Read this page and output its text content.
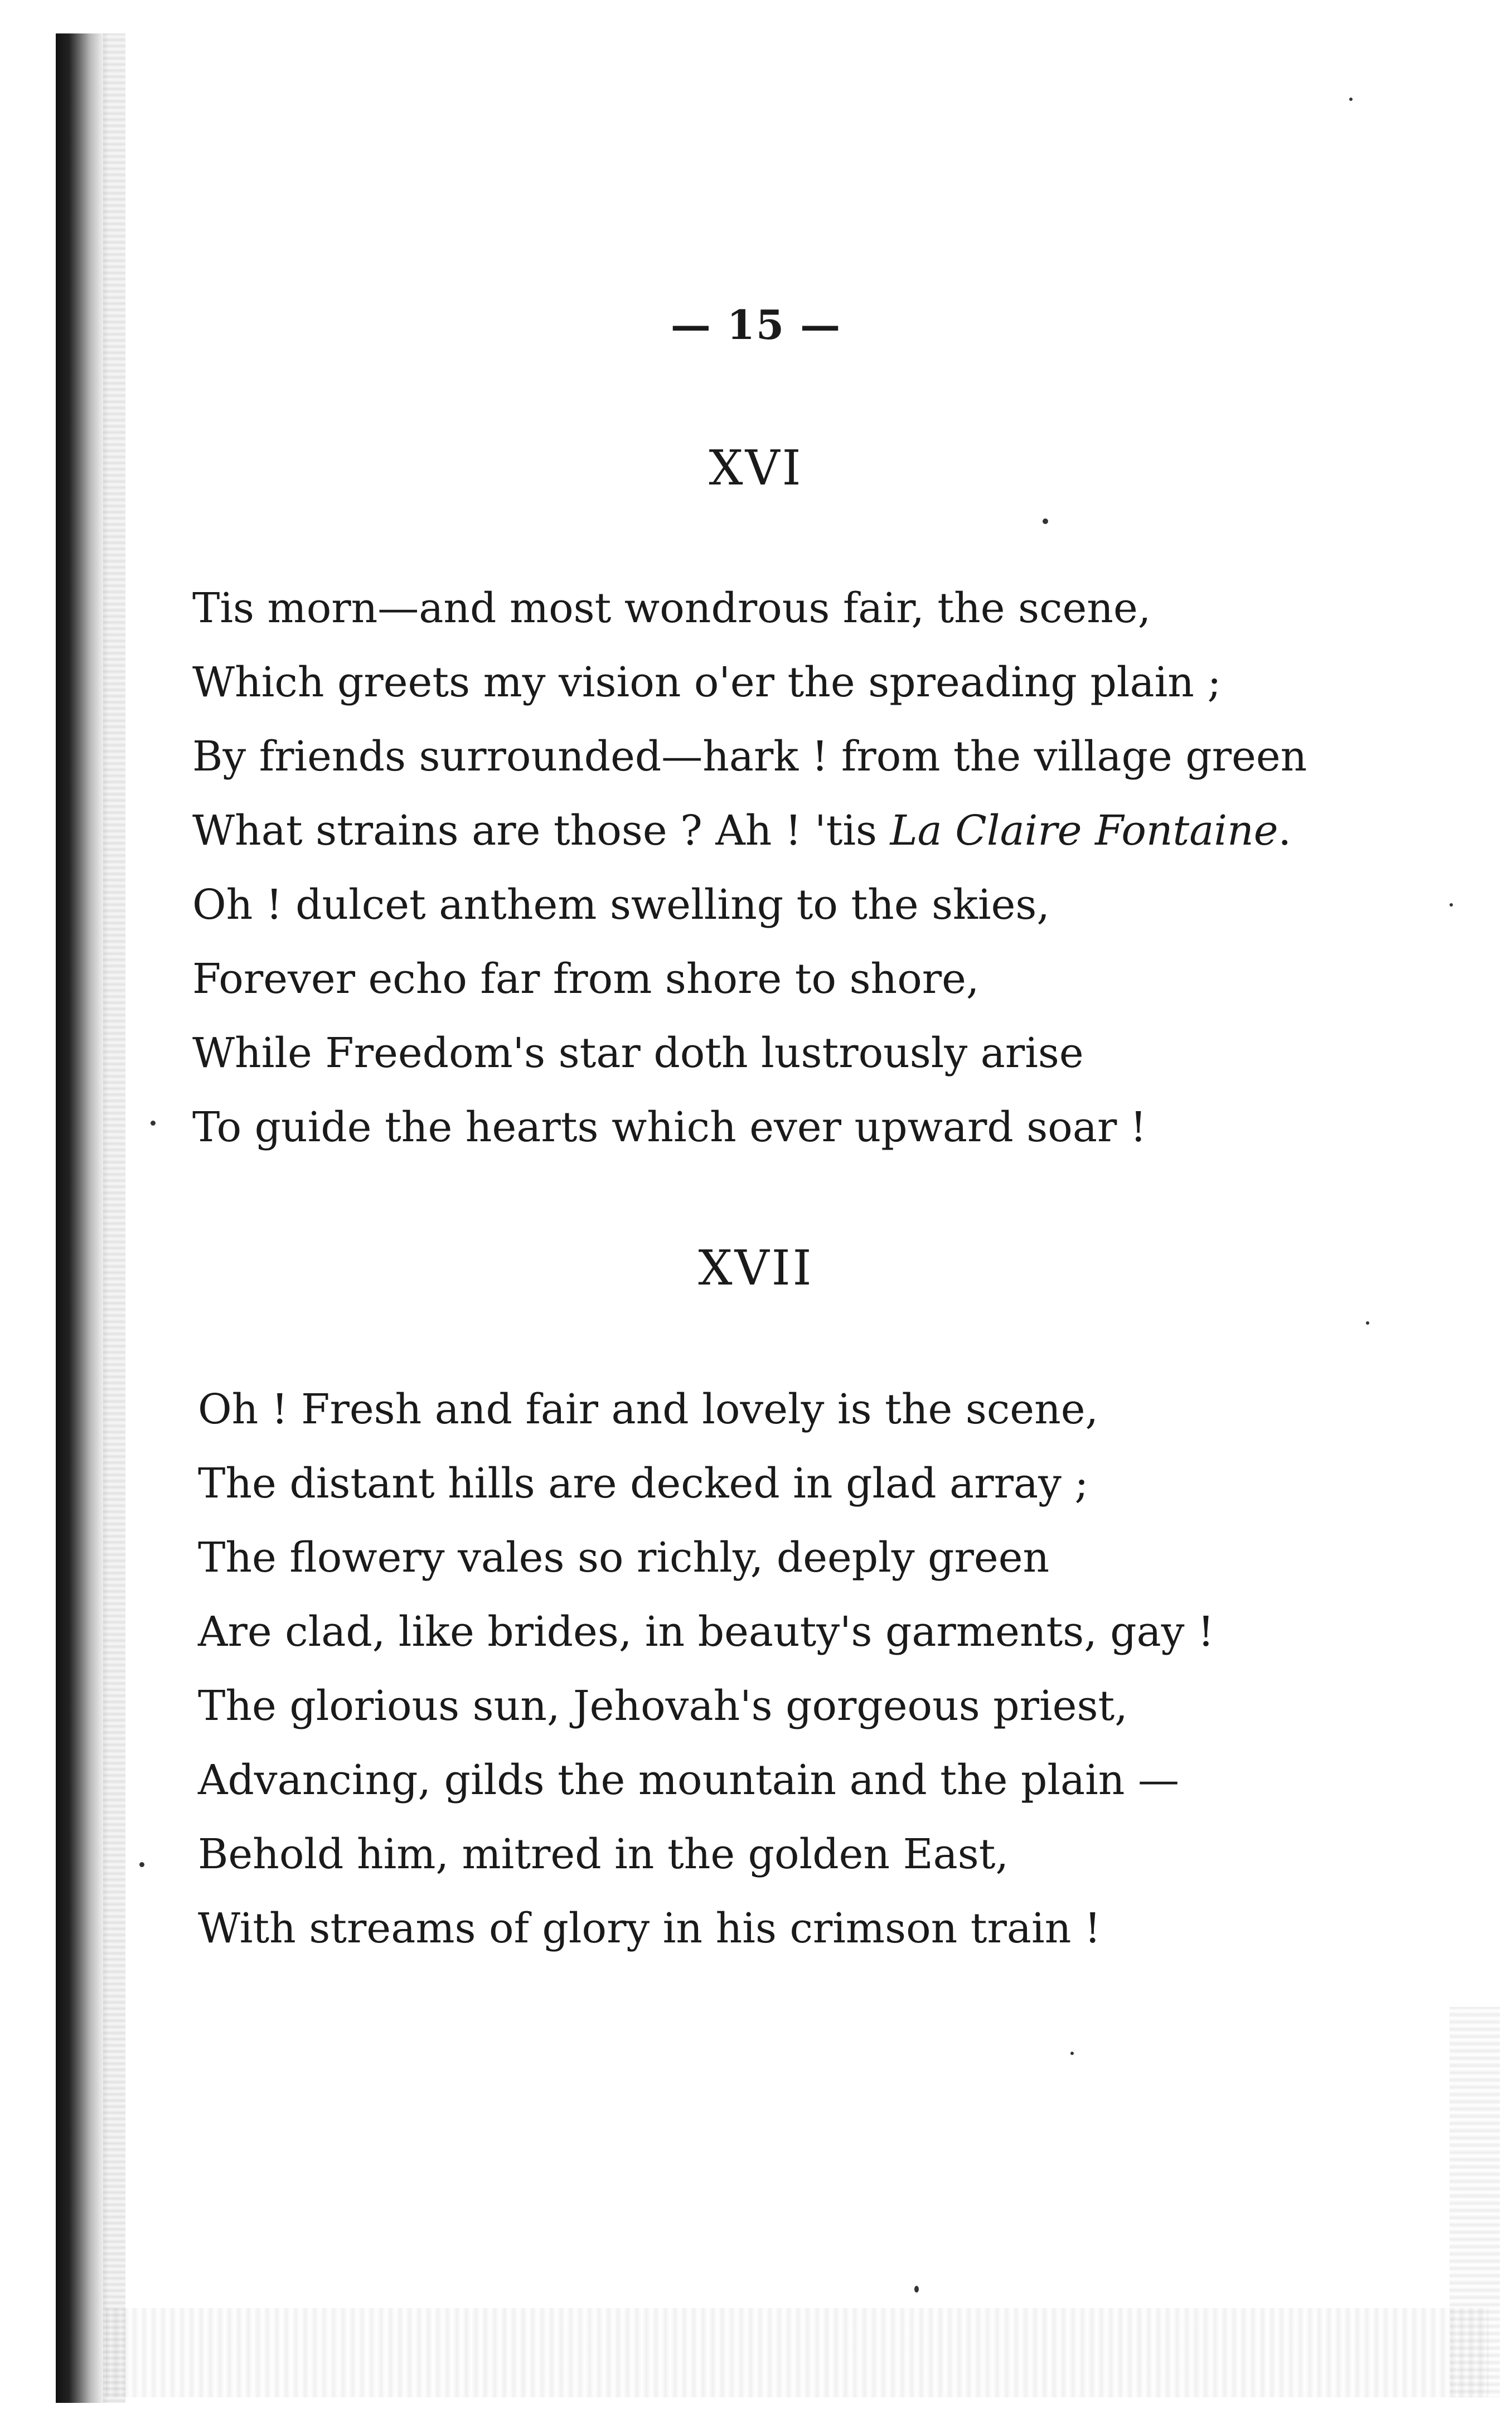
— 15 —
XVI
Tis morn—and most wondrous fair, the scene,
Which greets my vision o'er the spreading plain ;
By friends surrounded—hark ! from the village green
What strains are those ? Ah ! 'tis La Claire Fontaine.
Oh ! dulcet anthem swelling to the skies,
Forever echo far from shore to shore,
While Freedom's star doth lustrously arise
To guide the hearts which ever upward soar !
XVII
Oh ! Fresh and fair and lovely is the scene,
The distant hills are decked in glad array ;
The flowery vales so richly, deeply green
Are clad, like brides, in beauty's garments, gay !
The glorious sun, Jehovah's gorgeous priest,
Advancing, gilds the mountain and the plain —
Behold him, mitred in the golden East,
With streams of glory in his crimson train !
